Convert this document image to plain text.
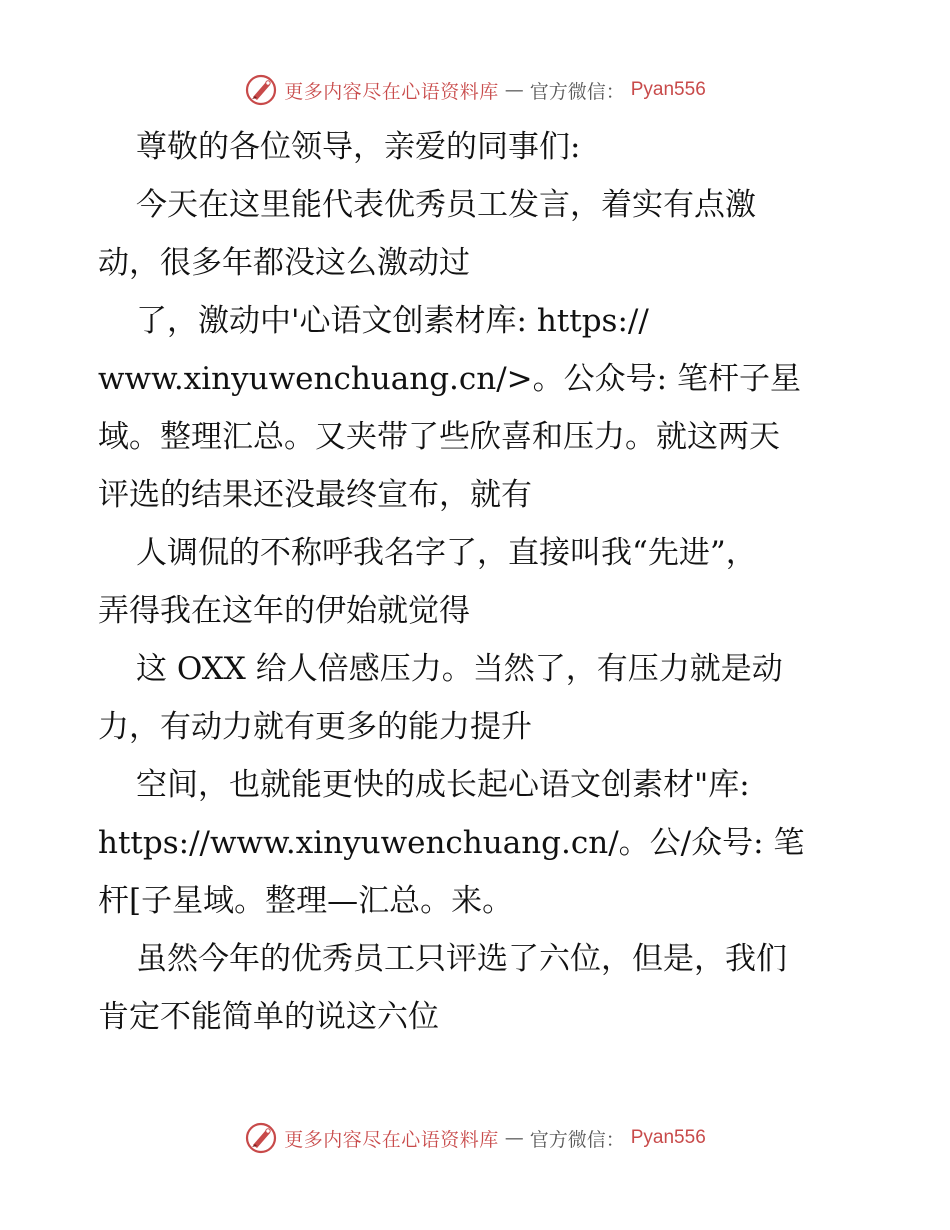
更多内容尽在心语资料库 — 官方微信： Pyan556
尊敬的各位领导，亲爱的同事们:
今天在这里能代表优秀员工发言，着实有点激
动，很多年都没这么激动过
了，激动中'心语文创素材库: https://
www.xinyuwenchuang.cn/>。公众号: 笔杆子星
域。整理汇总。又夹带了些欣喜和压力。就这两天
评选的结果还没最终宣布，就有
人调侃的不称呼我名字了，直接叫我“先进”，
弄得我在这年的伊始就觉得
这 OXX 给人倍感压力。当然了，有压力就是动
力，有动力就有更多的能力提升
空间，也就能更快的成长起心语文创素材"库:
https://www.xinyuwenchuang.cn/。公/众号: 笔
杆[子星域。整理—汇总。来。
虽然今年的优秀员工只评选了六位，但是，我们
肯定不能简单的说这六位
更多内容尽在心语资料库 — 官方微信： Pyan556
